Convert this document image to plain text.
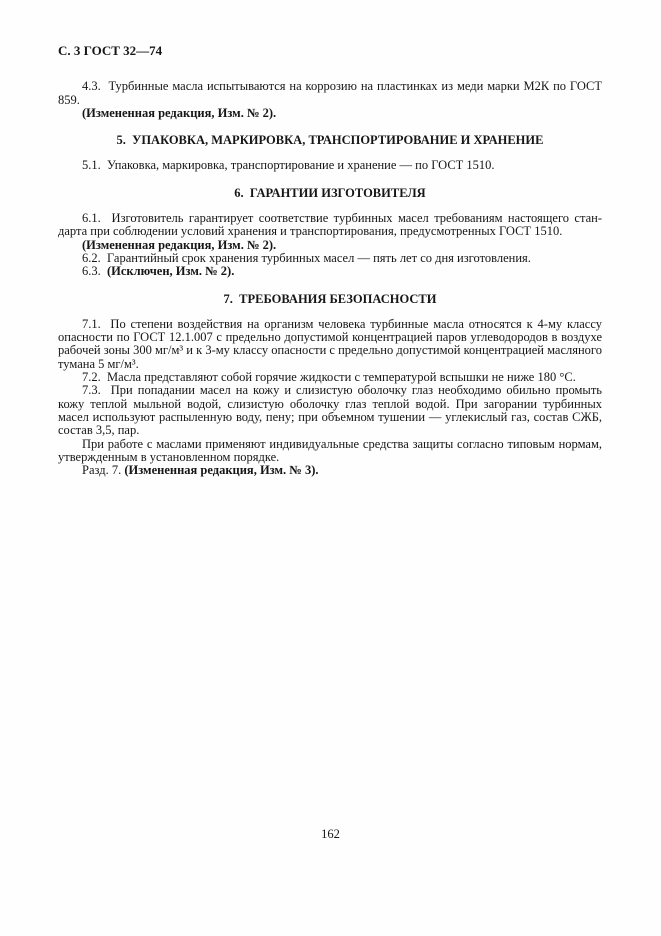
С. 3 ГОСТ 32—74

4.3.  Турбинные масла испытываются на коррозию на пластинках из меди марки М2К по ГОСТ 859.

(Измененная редакция, Изм. № 2).

5.  УПАКОВКА, МАРКИРОВКА, ТРАНСПОРТИРОВАНИЕ И ХРАНЕНИЕ

5.1.  Упаковка, маркировка, транспортирование и хранение — по ГОСТ 1510.

6.  ГАРАНТИИ ИЗГОТОВИТЕЛЯ

6.1.  Изготовитель гарантирует соответствие турбинных масел требованиям настоящего стандарта при соблюдении условий хранения и транспортирования, предусмотренных ГОСТ 1510.

(Измененная редакция, Изм. № 2).

6.2.  Гарантийный срок хранения турбинных масел — пять лет со дня изготовления.

6.3.  (Исключен, Изм. № 2).

7.  ТРЕБОВАНИЯ БЕЗОПАСНОСТИ

7.1.  По степени воздействия на организм человека турбинные масла относятся к 4-му классу опасности по ГОСТ 12.1.007 с предельно допустимой концентрацией паров углеводородов в воздухе рабочей зоны 300 мг/м³ и к 3-му классу опасности с предельно допустимой концентрацией масляного тумана 5 мг/м³.

7.2.  Масла представляют собой горячие жидкости с температурой вспышки не ниже 180 °С.

7.3.  При попадании масел на кожу и слизистую оболочку глаз необходимо обильно промыть кожу теплой мыльной водой, слизистую оболочку глаз теплой водой. При загорании турбинных масел используют распыленную воду, пену; при объемном тушении — углекислый газ, состав СЖБ, состав 3,5, пар.

При работе с маслами применяют индивидуальные средства защиты согласно типовым нормам, утвержденным в установленном порядке.

Разд. 7. (Измененная редакция, Изм. № 3).

162
